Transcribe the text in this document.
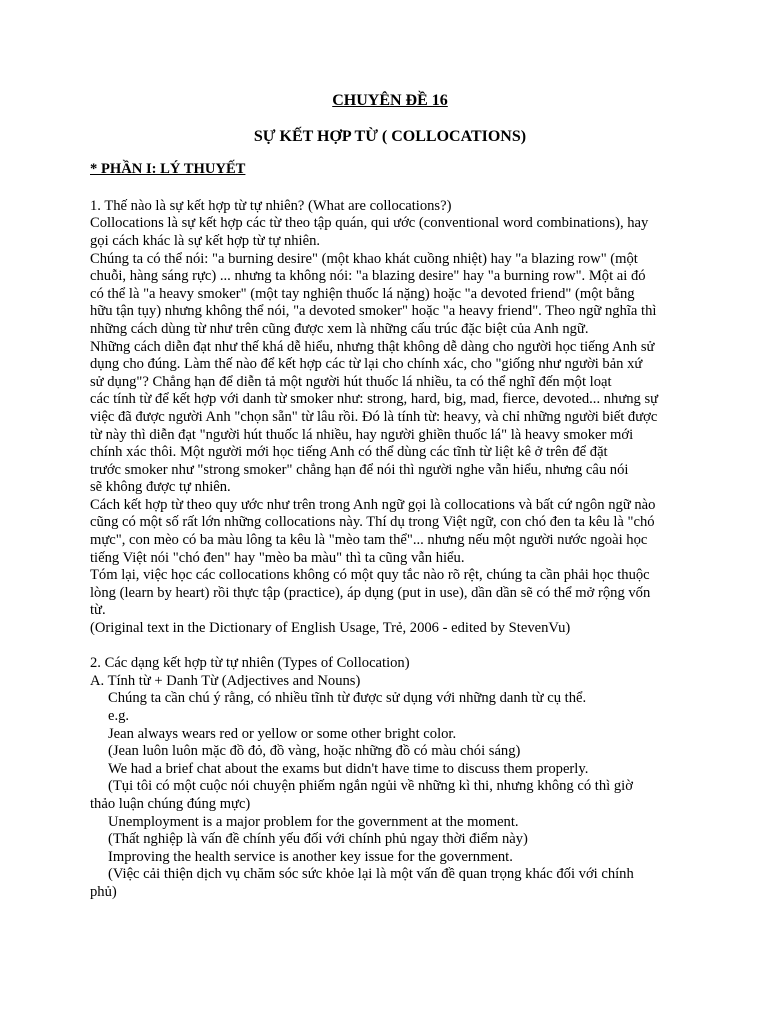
CHUYÊN ĐỀ 16

SỰ KẾT HỢP TỪ ( COLLOCATIONS)

* PHẦN I: LÝ THUYẾT

1. Thế nào là sự kết hợp từ tự nhiên? (What are collocations?)

Collocations là sự kết hợp các từ theo tập quán, qui ước (conventional word combinations), hay

gọi cách khác là sự kết hợp từ tự nhiên.

Chúng ta có thể nói: "a burning desire" (một khao khát cuồng nhiệt) hay "a blazing row" (một

chuỗi, hàng sáng rực) ... nhưng ta không nói: "a blazing desire" hay "a burning row". Một ai đó

có thể là "a heavy smoker" (một tay nghiện thuốc lá nặng) hoặc "a devoted friend" (một bằng

hữu tận tụy) nhưng không thể nói, "a devoted smoker" hoặc "a heavy friend". Theo ngữ nghĩa thì

những cách dùng từ như trên cũng được xem là những cấu trúc đặc biệt của Anh ngữ.

Những cách diễn đạt như thế khá dễ hiểu, nhưng thật không dễ dàng cho người học tiếng Anh sử

dụng cho đúng. Làm thế nào để kết hợp các từ lại cho chính xác, cho "giống như người bản xứ

sử dụng"? Chẳng hạn để diễn tả một người hút thuốc lá nhiều, ta có thể nghĩ đến một loạt

các tính từ để kết hợp với danh từ smoker như: strong, hard, big, mad, fierce, devoted... nhưng sự

việc đã được người Anh "chọn sẵn" từ lâu rồi. Đó là tính từ: heavy, và chỉ những người biết được

từ này thì diễn đạt "người hút thuốc lá nhiều, hay người ghiền thuốc lá" là heavy smoker mới

chính xác thôi. Một người mới học tiếng Anh có thể dùng các tĩnh từ liệt kê ở trên để đặt

trước smoker như "strong smoker" chẳng hạn để nói thì người nghe vẫn hiểu, nhưng câu nói

sẽ không được tự nhiên.

Cách kết hợp từ theo quy ước như trên trong Anh ngữ gọi là collocations và bất cứ ngôn ngữ nào

cũng có một số rất lớn những collocations này. Thí dụ trong Việt ngữ, con chó đen ta kêu là "chó

mực", con mèo có ba màu lông ta kêu là "mèo tam thể"... nhưng nếu một người nước ngoài học

tiếng Việt nói "chó đen" hay "mèo ba màu" thì ta cũng vẫn hiểu.

Tóm lại, việc học các collocations không có một quy tắc nào rõ rệt, chúng ta cần phải học thuộc

lòng (learn by heart) rồi thực tập (practice), áp dụng (put in use), dần dần sẽ có thể mở rộng vốn

từ.

(Original text in the Dictionary of English Usage, Trẻ, 2006 - edited by StevenVu)

2. Các dạng kết hợp từ tự nhiên (Types of Collocation)

A. Tính từ + Danh Từ (Adjectives and Nouns)

Chúng ta cần chú ý rằng, có nhiều tĩnh từ được sử dụng với những danh từ cụ thể.

e.g.

Jean always wears red or yellow or some other bright color.

(Jean luôn luôn mặc đồ đỏ, đồ vàng, hoặc những đồ có màu chói sáng)

We had a brief chat about the exams but didn't have time to discuss them properly.

(Tụi tôi có một cuộc nói chuyện phiếm ngắn ngủi về những kì thi, nhưng không có thì giờ

thảo luận chúng đúng mực)

Unemployment is a major problem for the government at the moment.

(Thất nghiệp là vấn đề chính yếu đối với chính phủ ngay thời điểm này)

Improving the health service is another key issue for the government.

(Việc cải thiện dịch vụ chăm sóc sức khỏe lại là một vấn đề quan trọng khác đối với chính

phủ)
